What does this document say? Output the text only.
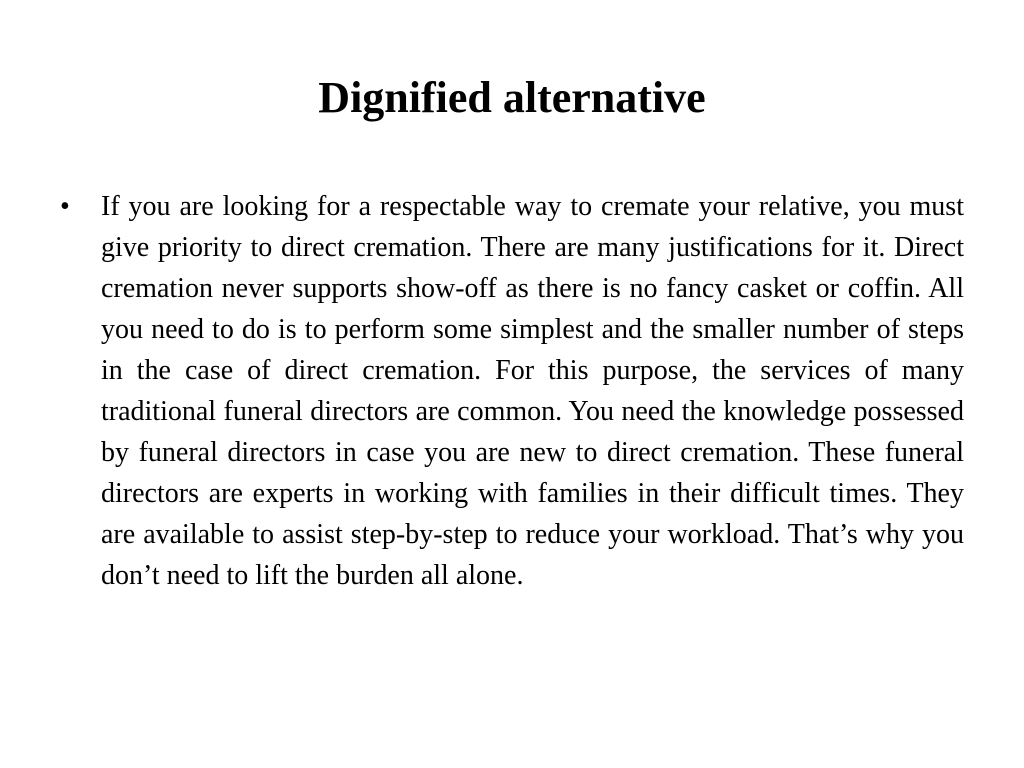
Dignified alternative
• If you are looking for a respectable way to cremate your relative, you must give priority to direct cremation. There are many justifications for it. Direct cremation never supports show-off as there is no fancy casket or coffin. All you need to do is to perform some simplest and the smaller number of steps in the case of direct cremation. For this purpose, the services of many traditional funeral directors are common. You need the knowledge possessed by funeral directors in case you are new to direct cremation. These funeral directors are experts in working with families in their difficult times. They are available to assist step-by-step to reduce your workload. That’s why you don’t need to lift the burden all alone.
